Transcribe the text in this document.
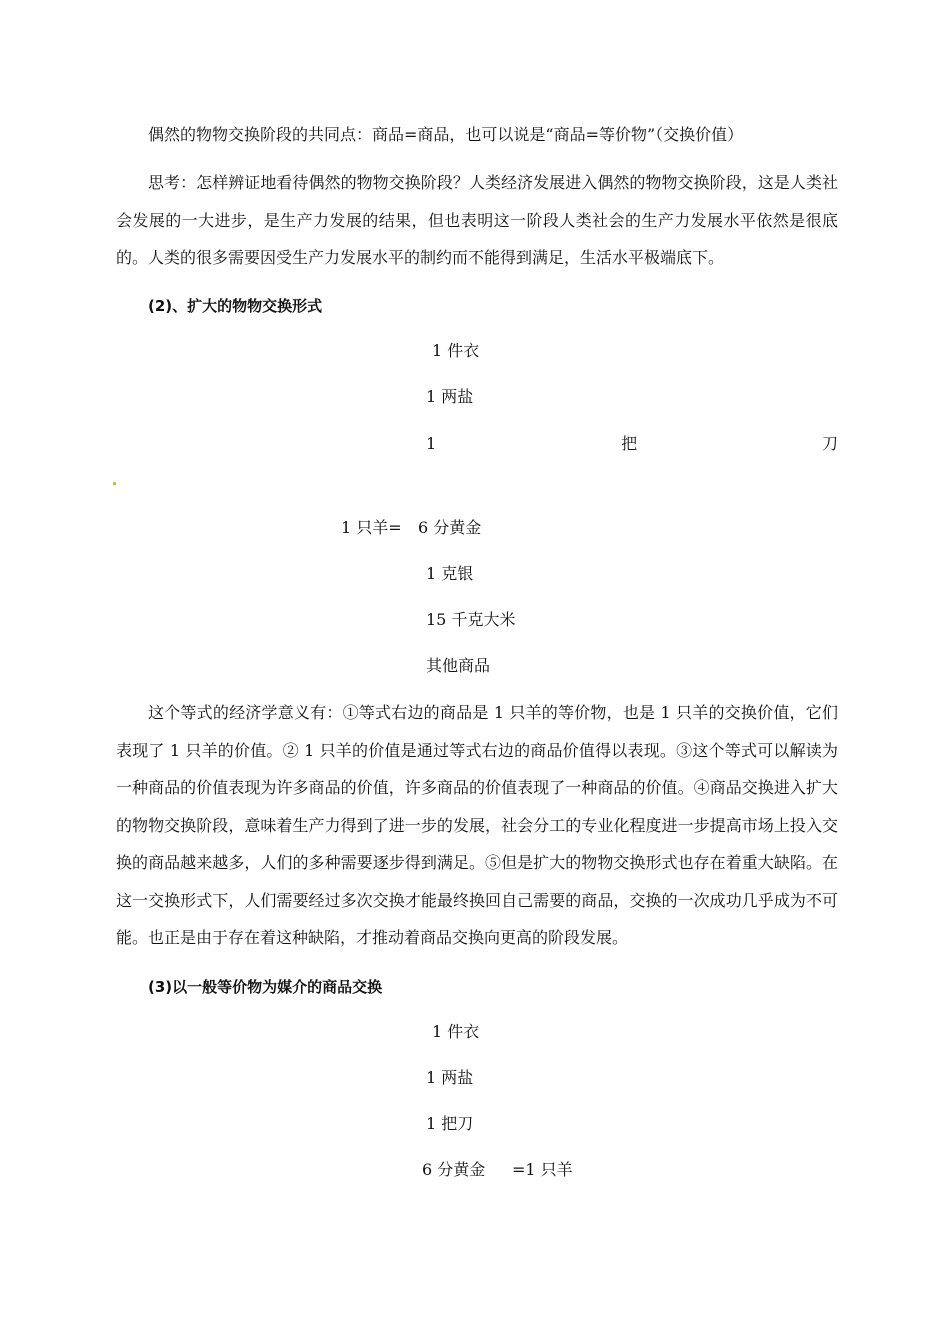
偶然的物物交换阶段的共同点：商品=商品，也可以说是“商品=等价物”（交换价值）
思考：怎样辨证地看待偶然的物物交换阶段？人类经济发展进入偶然的物物交换阶段，这是人类社会发展的一大进步，是生产力发展的结果，但也表明这一阶段人类社会的生产力发展水平依然是很底的。人类的很多需要因受生产力发展水平的制约而不能得到满足，生活水平极端底下。
(2)、扩大的物物交换形式
1 件衣
1 两盐
1	把	刀
1 只羊= 6 分黄金
1 克银
15 千克大米
其他商品
这个等式的经济学意义有：①等式右边的商品是 1 只羊的等价物，也是 1 只羊的交换价值，它们表现了 1 只羊的价值。② 1 只羊的价值是通过等式右边的商品价值得以表现。③这个等式可以解读为一种商品的价值表现为许多商品的价值，许多商品的价值表现了一种商品的价值。④商品交换进入扩大的物物交换阶段，意味着生产力得到了进一步的发展，社会分工的专业化程度进一步提高市场上投入交换的商品越来越多，人们的多种需要逐步得到满足。⑤但是扩大的物物交换形式也存在着重大缺陷。在这一交换形式下，人们需要经过多次交换才能最终换回自己需要的商品，交换的一次成功几乎成为不可能。也正是由于存在着这种缺陷，才推动着商品交换向更高的阶段发展。
(3)以一般等价物为媒介的商品交换
1 件衣
1 两盐
1 把刀
6 分黄金 =1 只羊
